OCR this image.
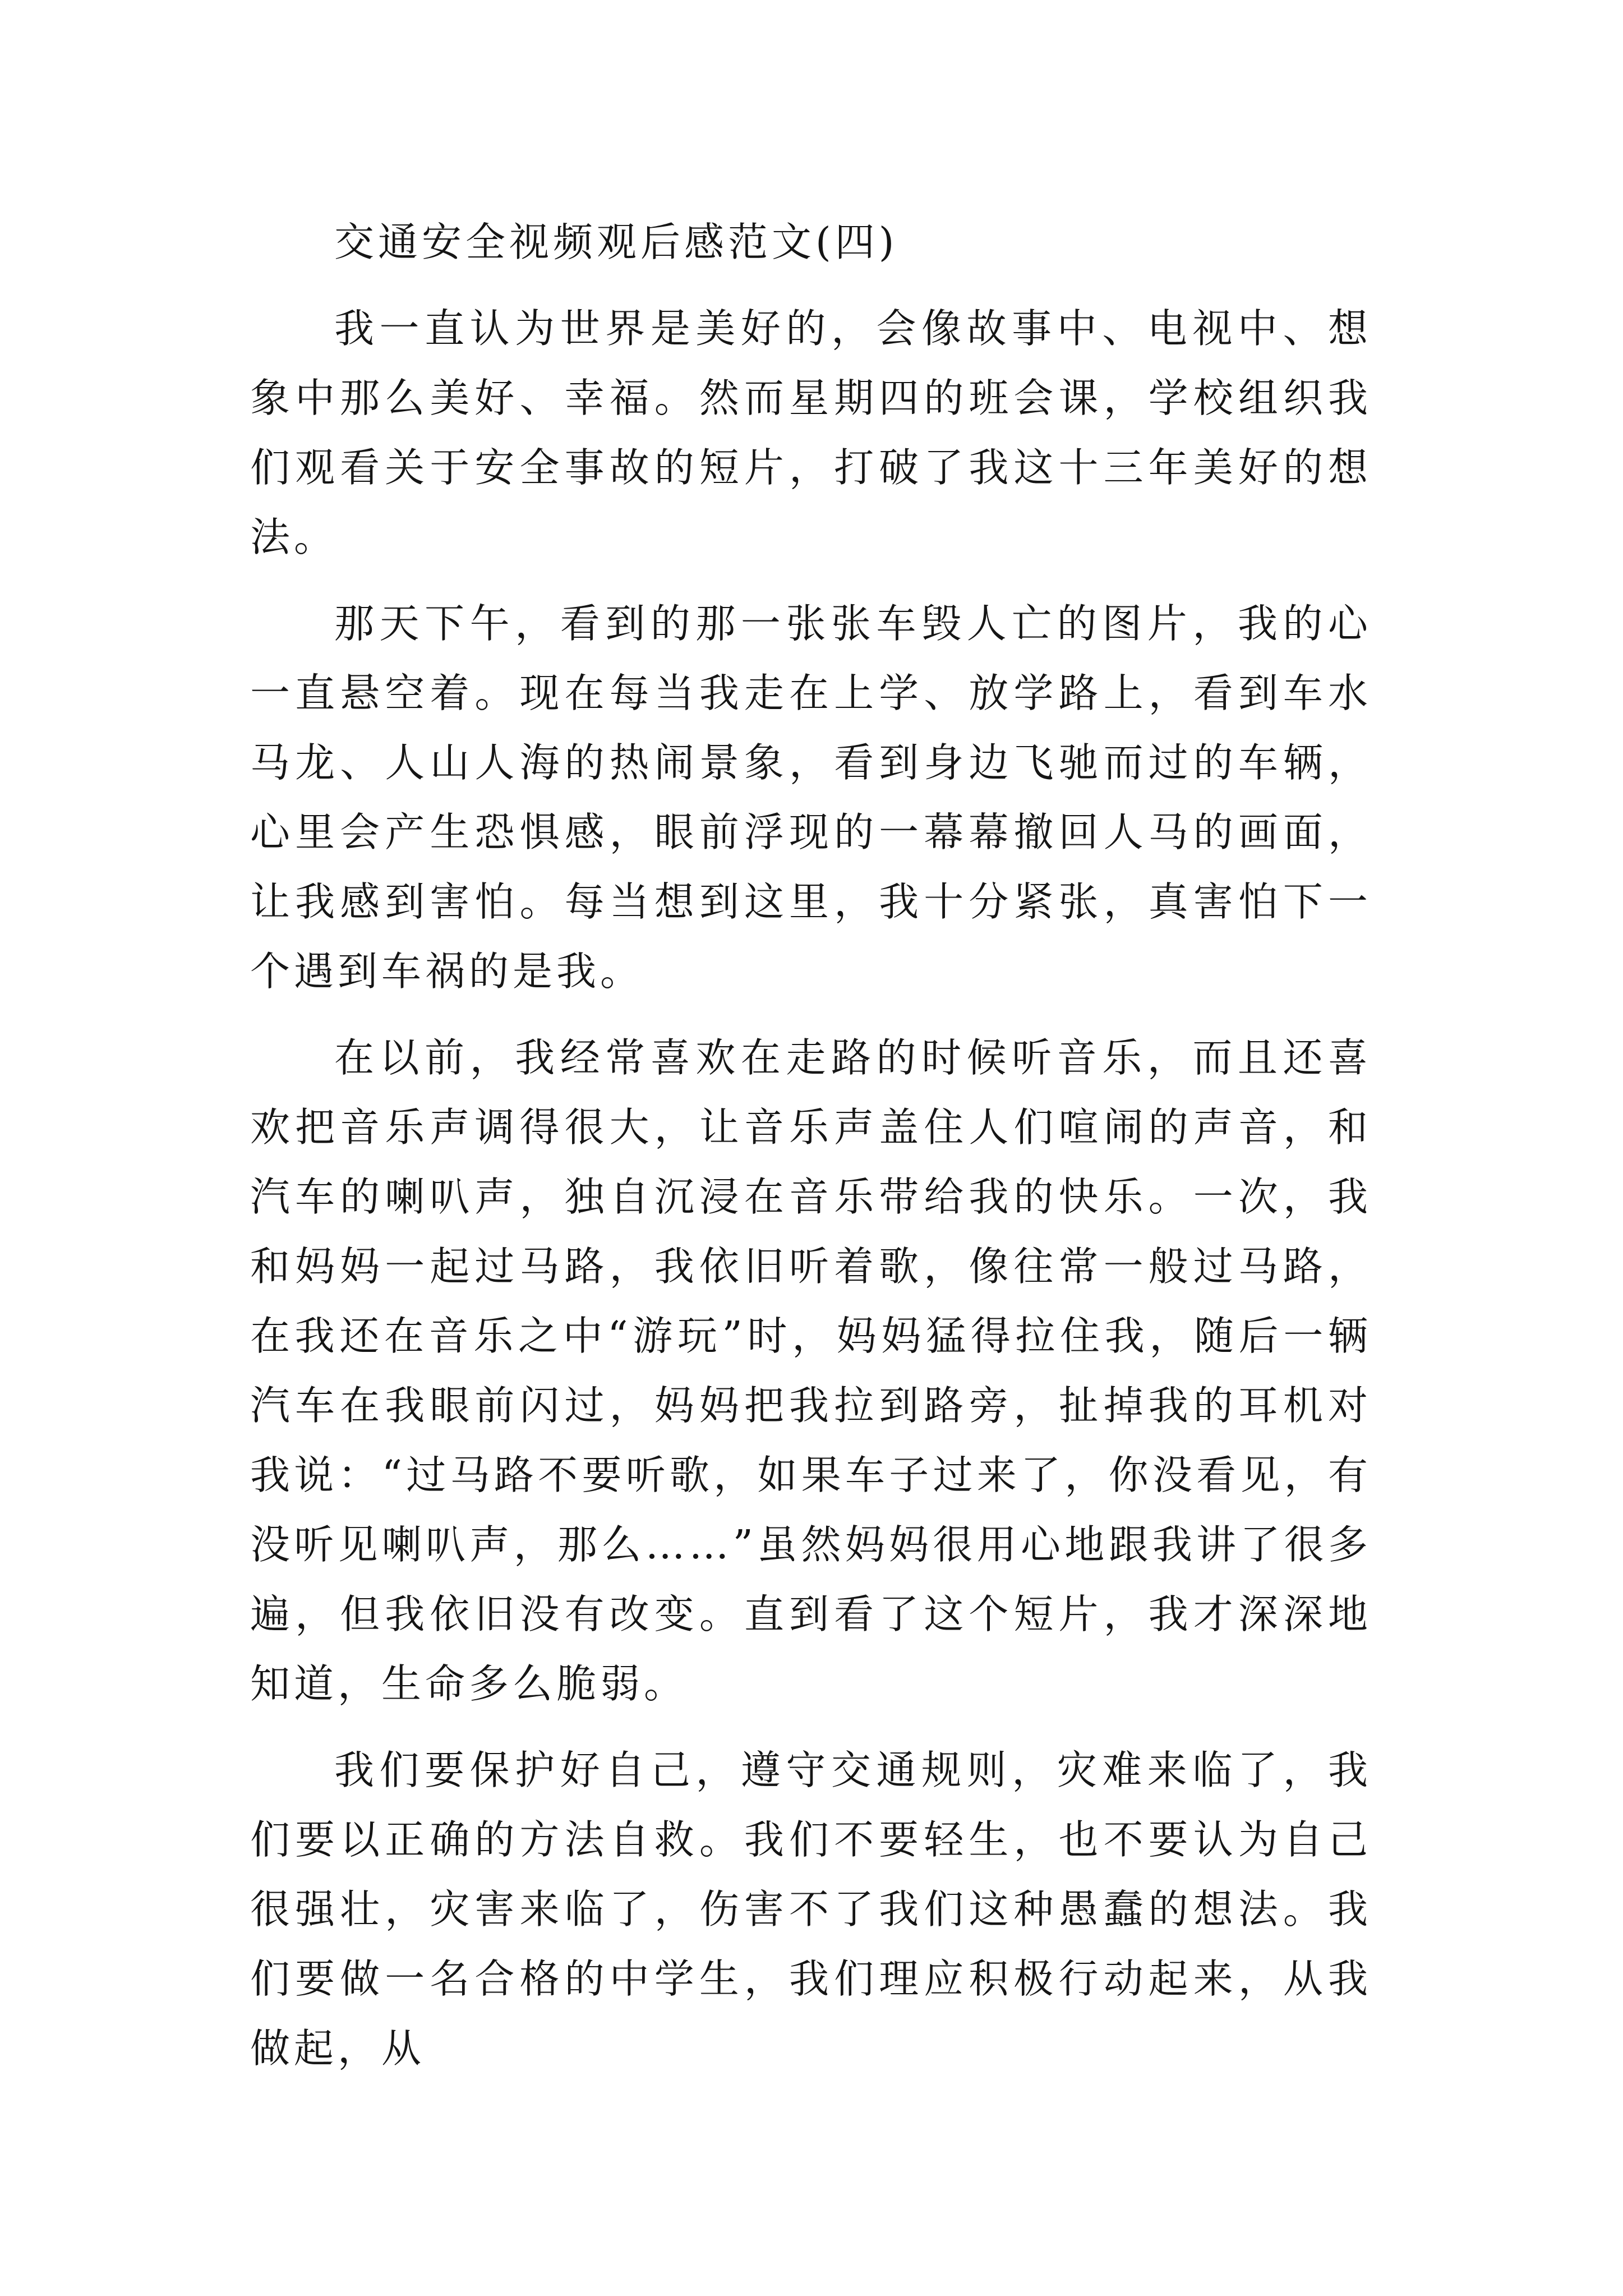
交通安全视频观后感范文(四)

我一直认为世界是美好的，会像故事中、电视中、想象中那么美好、幸福。然而星期四的班会课，学校组织我们观看关于安全事故的短片，打破了我这十三年美好的想法。

那天下午，看到的那一张张车毁人亡的图片，我的心一直悬空着。现在每当我走在上学、放学路上，看到车水马龙、人山人海的热闹景象，看到身边飞驰而过的车辆，心里会产生恐惧感，眼前浮现的一幕幕撤回人马的画面，让我感到害怕。每当想到这里，我十分紧张，真害怕下一个遇到车祸的是我。

在以前，我经常喜欢在走路的时候听音乐，而且还喜欢把音乐声调得很大，让音乐声盖住人们喧闹的声音，和汽车的喇叭声，独自沉浸在音乐带给我的快乐。一次，我和妈妈一起过马路，我依旧听着歌，像往常一般过马路，在我还在音乐之中“游玩”时，妈妈猛得拉住我，随后一辆汽车在我眼前闪过，妈妈把我拉到路旁，扯掉我的耳机对我说：“过马路不要听歌，如果车子过来了，你没看见，有没听见喇叭声，那么……”虽然妈妈很用心地跟我讲了很多遍，但我依旧没有改变。直到看了这个短片，我才深深地知道，生命多么脆弱。

我们要保护好自己，遵守交通规则，灾难来临了，我们要以正确的方法自救。我们不要轻生，也不要认为自己很强壮，灾害来临了，伤害不了我们这种愚蠢的想法。我们要做一名合格的中学生，我们理应积极行动起来，从我做起，从
